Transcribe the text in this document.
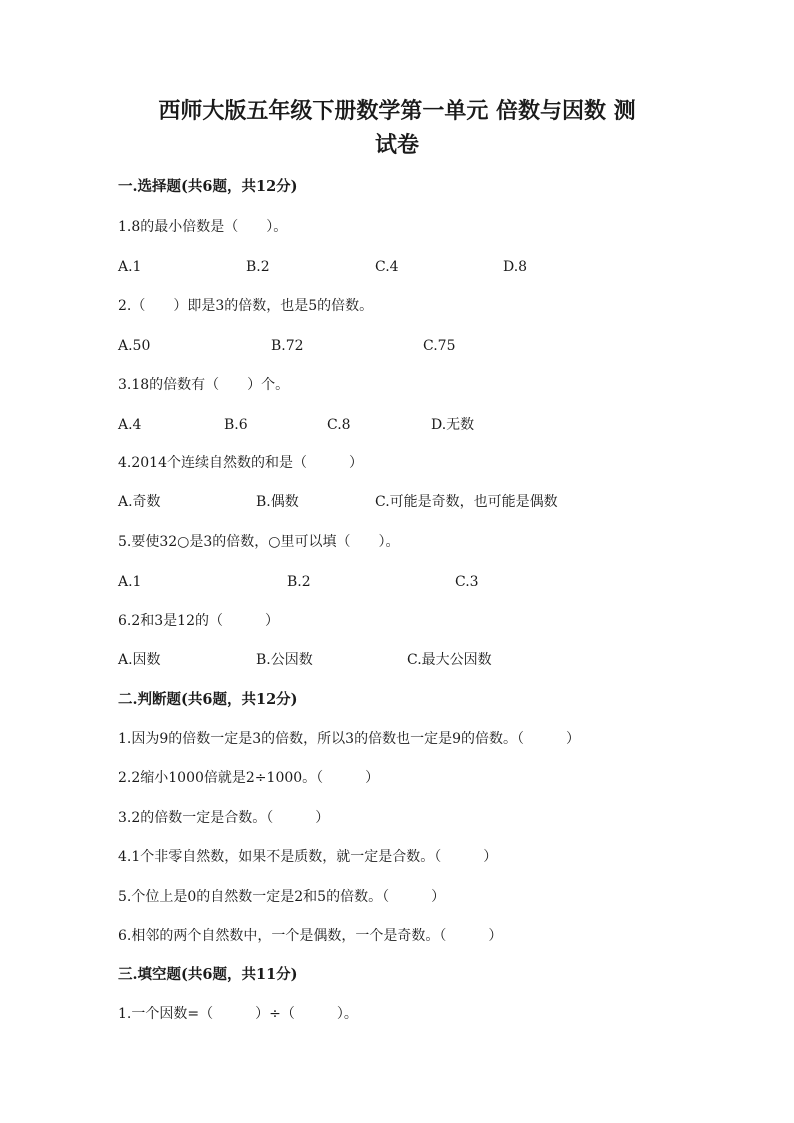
西师大版五年级下册数学第一单元 倍数与因数 测
试卷
一.选择题(共6题，共12分)
1.8的最小倍数是（　　）。
A.1	B.2	C.4	D.8
2.（　　）即是3的倍数，也是5的倍数。
A.50	B.72	C.75
3.18的倍数有（　　）个。
A.4	B.6	C.8	D.无数
4.2014个连续自然数的和是（　　　）
A.奇数	B.偶数	C.可能是奇数，也可能是偶数
5.要使32○是3的倍数，○里可以填（　　）。
A.1	B.2	C.3
6.2和3是12的（　　　）
A.因数	B.公因数	C.最大公因数
二.判断题(共6题，共12分)
1.因为9的倍数一定是3的倍数，所以3的倍数也一定是9的倍数。（　　　）
2.2缩小1000倍就是2÷1000。（　　　）
3.2的倍数一定是合数。（　　　）
4.1个非零自然数，如果不是质数，就一定是合数。（　　　）
5.个位上是0的自然数一定是2和5的倍数。（　　　）
6.相邻的两个自然数中，一个是偶数，一个是奇数。（　　　）
三.填空题(共6题，共11分)
1.一个因数=（　　　）÷（　　　）。
